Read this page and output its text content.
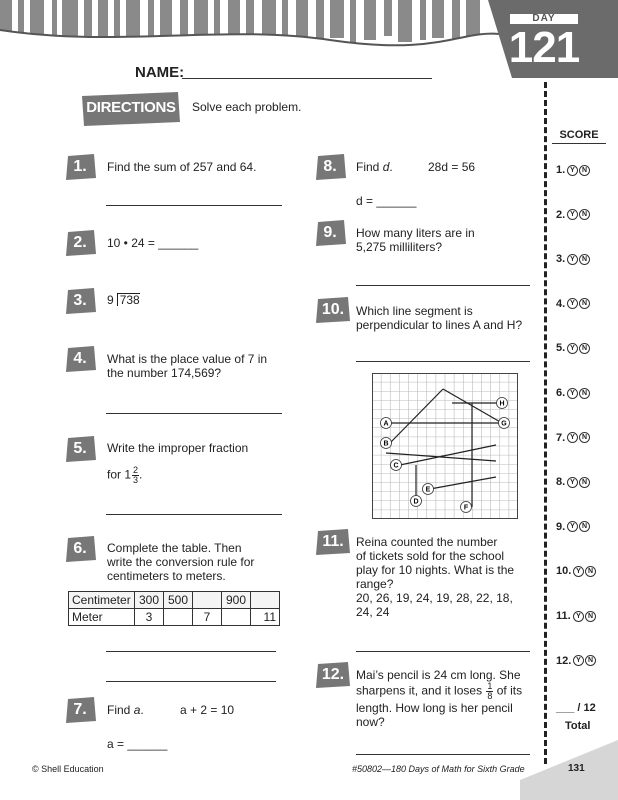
DAY
121
NAME:
DIRECTIONS Solve each problem.
SCORE
1. Y	N
2. Y	N
3. Y	N
4. Y	N
5. Y	N
6. Y	N
7. Y	N
8. Y	N
9. Y	N
10. Y	N
11. Y	N
12. Y	N
___ / 12
Total
1.	Find the sum of 257 and 64.
2.	10 • 24 = ______
3.	9 738
4.	What is the place value of 7 in
the number 174,569?
5.	Write the improper fraction
for $1 \frac{2}{3}$ .
6.	Complete the table. Then
write the conversion rule for
centimeters to meters.
Centimeter	300	500		900	
Meter	3		7		11
7.	Find a.	a + 2 = 10
a = ______
8.	Find d.	28d = 56
d = ______
9.	How many liters are in
5,275 milliliters?
10. Which line segment is
perpendicular to lines A and H?
A
B
C
D
E
F
G
H
11.	Reina counted the number
of tickets sold for the school
play for 10 nights. What is the
range?
20, 26, 19, 24, 19, 28, 22, 18,
24, 24
12. Mai’s pencil is 24 cm long. She
sharpens it, and it loses $\frac{1}{8}$ of its
length. How long is her pencil
now?
© Shell Education	#50802—180 Days of Math for Sixth Grade	131
